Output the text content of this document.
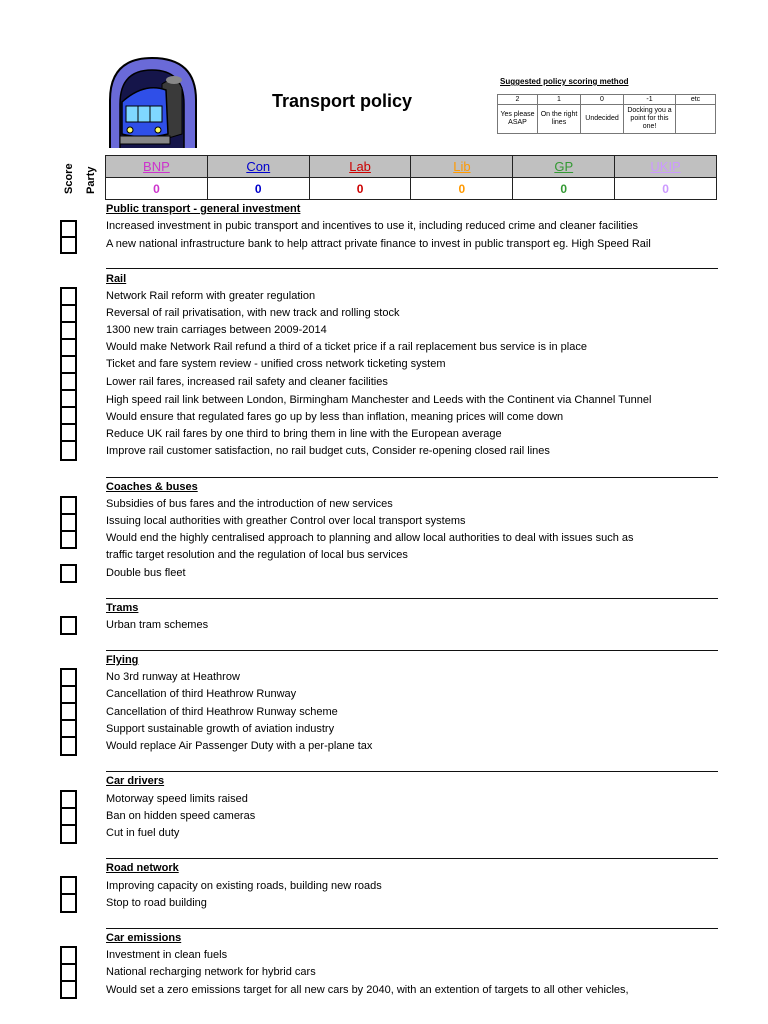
Transport policy
Suggested policy scoring method
2	1	0	-1	etc
Yes please ASAP	On the right lines	Undecided	Docking you a point for this one!	
Score Party	BNP	Con	Lab	Lib	GP	UKIP
0	0	0	0	0	0
Public transport - general investment
Increased investment in pubic transport and incentives to use it, including reduced crime and cleaner facilities
A new national infrastructure bank to help attract private finance to invest in public transport eg. High Speed Rail
Rail
Network Rail reform with greater regulation
Reversal of rail privatisation, with new track and rolling stock
1300 new train carriages between 2009-2014
Would make Network Rail refund a third of a ticket price if a rail replacement bus service is in place
Ticket and fare system review - unified cross network ticketing system
Lower rail fares, increased rail safety and cleaner facilities
High speed rail link between London, Birmingham Manchester and Leeds with the Continent via Channel Tunnel
Would ensure that regulated fares go up by less than inflation, meaning prices will come down
Reduce UK rail fares by one third to bring them in line with the European average
Improve rail customer satisfaction, no rail budget cuts, Consider re-opening closed rail lines
Coaches & buses
Subsidies of bus fares and the introduction of new services
Issuing local authorities with greather Control over local transport systems
Would end the highly centralised approach to planning and allow local authorities to deal with issues such as
traffic target resolution and the regulation of local bus services
Double bus fleet
Trams
Urban tram schemes
Flying
No 3rd runway at Heathrow
Cancellation of third Heathrow Runway
Cancellation of third Heathrow Runway scheme
Support sustainable growth of aviation industry
Would replace Air Passenger Duty with a per-plane tax
Car drivers
Motorway speed limits raised
Ban on hidden speed cameras
Cut in fuel duty
Road network
Improving capacity on existing roads, building new roads
Stop to road building
Car emissions
Investment in clean fuels
National recharging network for hybrid cars
Would set a zero emissions target for all new cars by 2040, with an extention of targets to all other vehicles,
